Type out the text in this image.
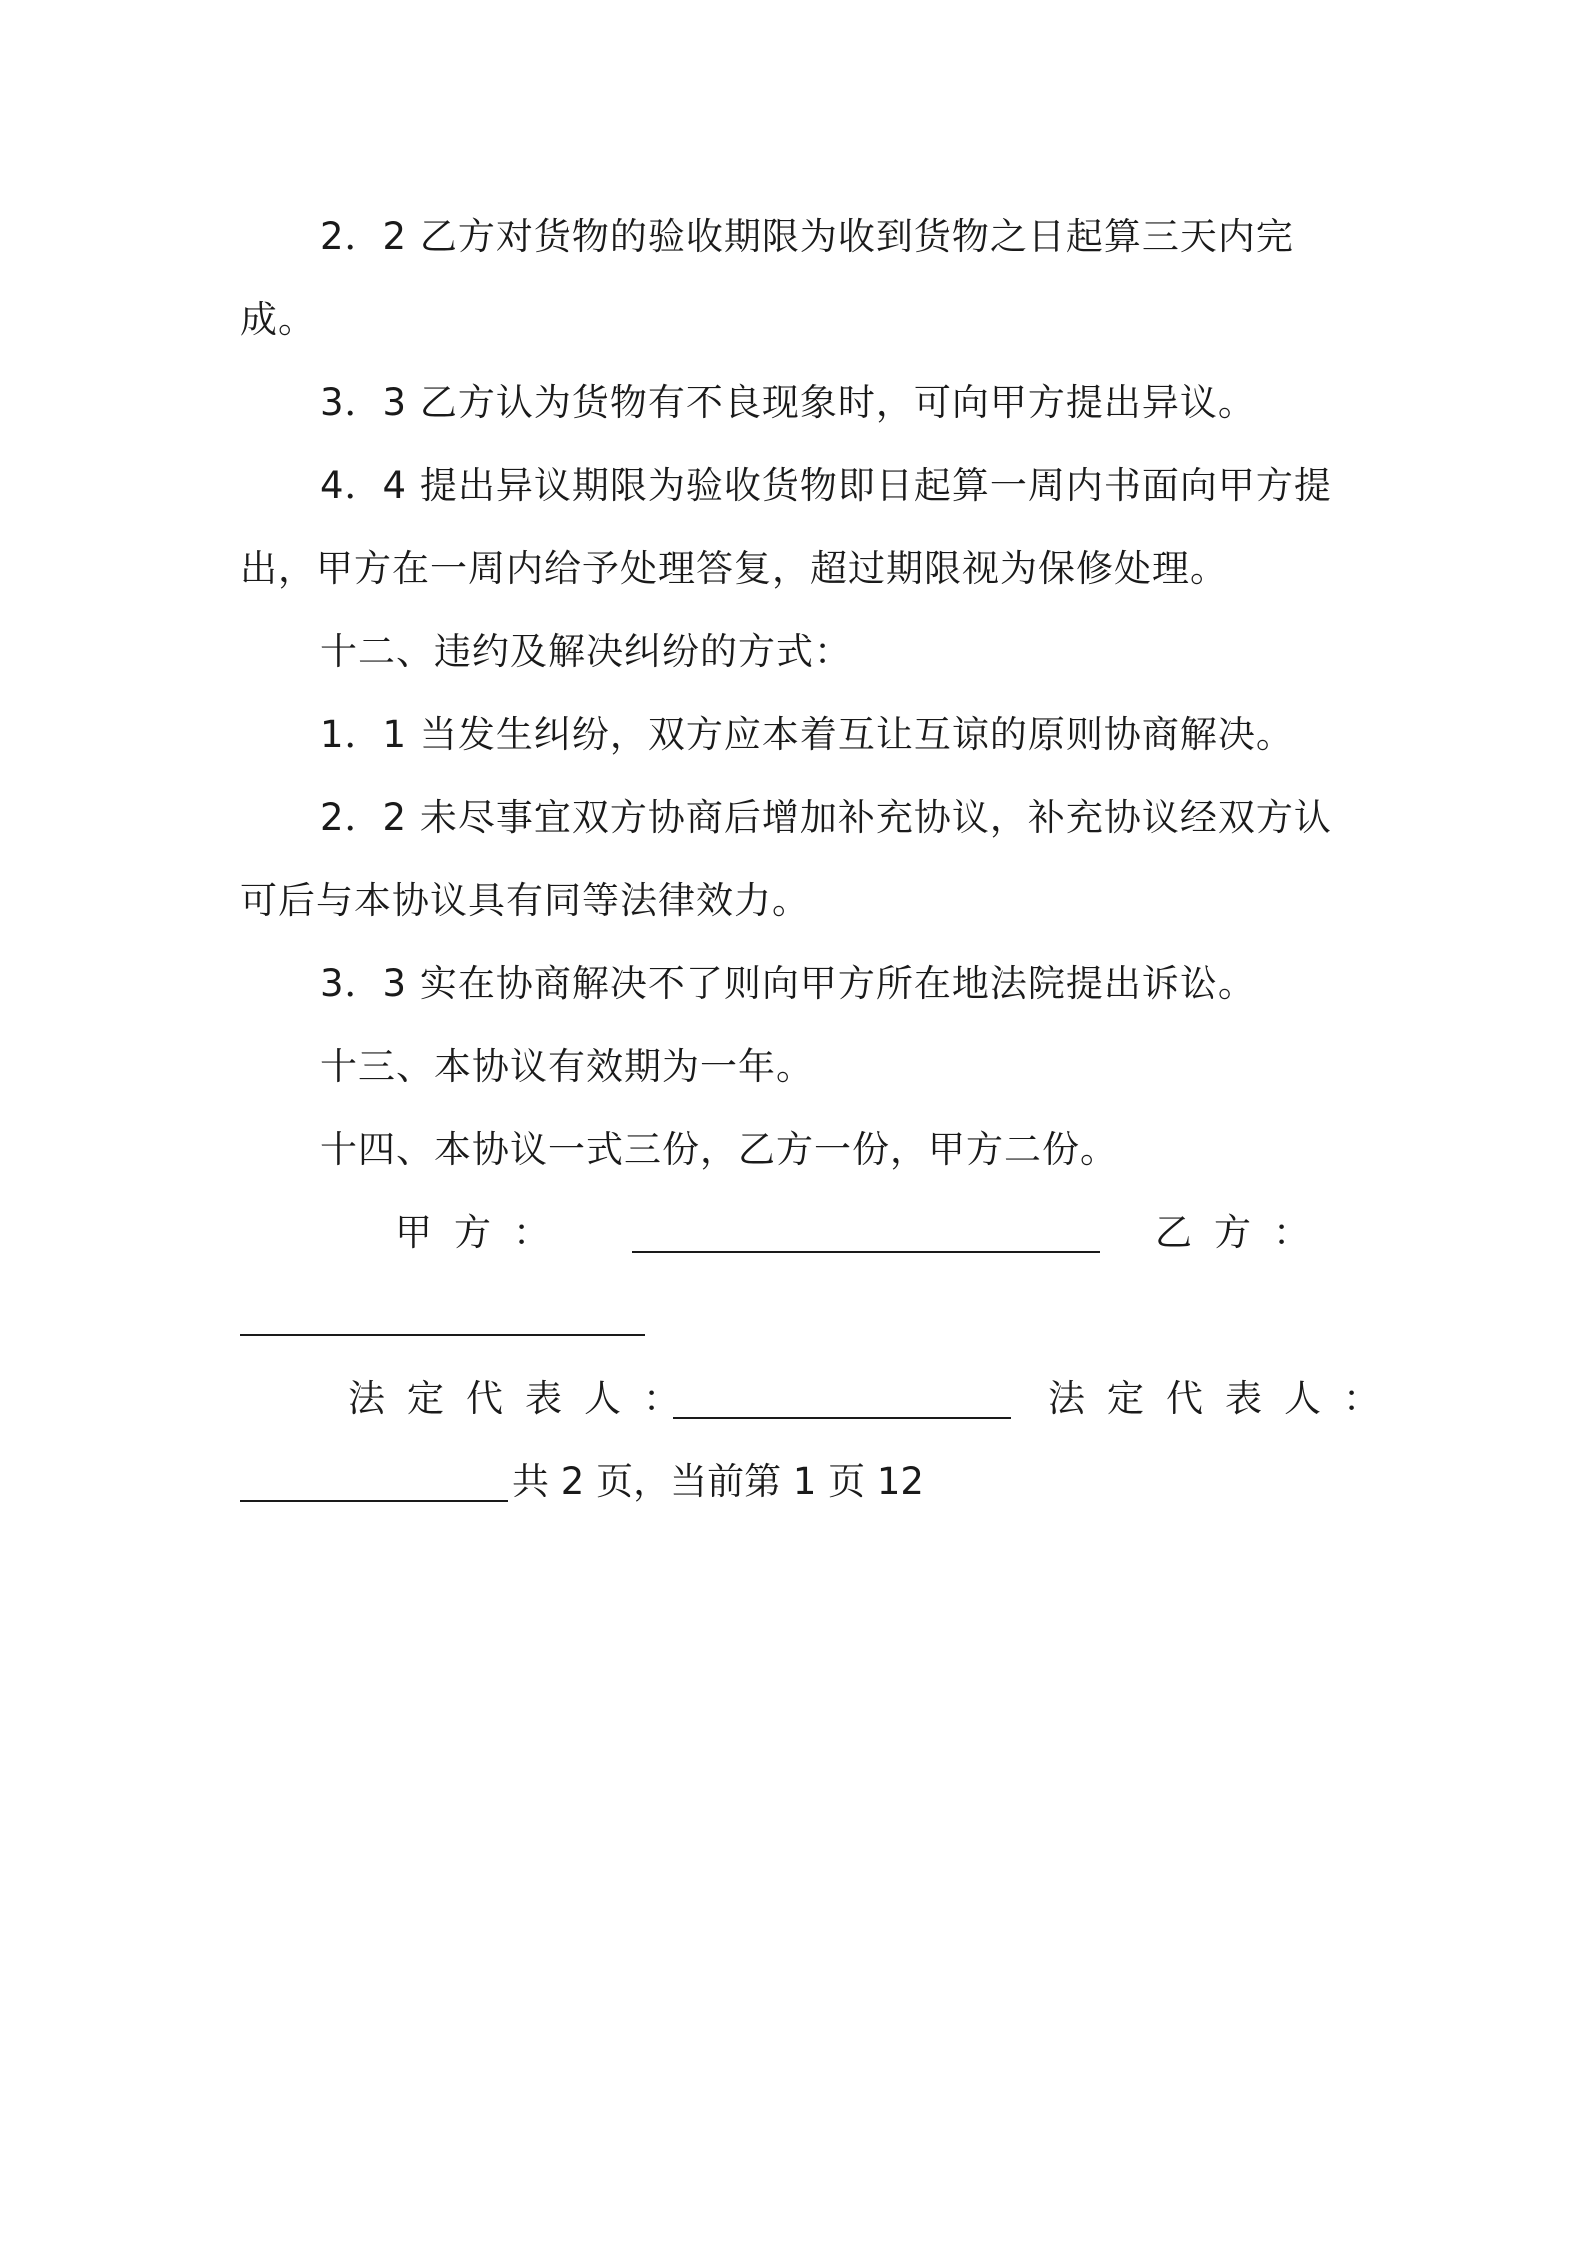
2．2 乙方对货物的验收期限为收到货物之日起算三天内完成。

3．3 乙方认为货物有不良现象时，可向甲方提出异议。

4．4 提出异议期限为验收货物即日起算一周内书面向甲方提出，甲方在一周内给予处理答复，超过期限视为保修处理。

十二、违约及解决纠纷的方式：

1．1 当发生纠纷，双方应本着互让互谅的原则协商解决。

2．2 未尽事宜双方协商后增加补充协议，补充协议经双方认可后与本协议具有同等法律效力。

3．3 实在协商解决不了则向甲方所在地法院提出诉讼。

十三、本协议有效期为一年。

十四、本协议一式三份，乙方一份，甲方二份。

甲方：	乙方：
法定代表人：	法定代表人：
共 2 页，当前第 1 页 12
